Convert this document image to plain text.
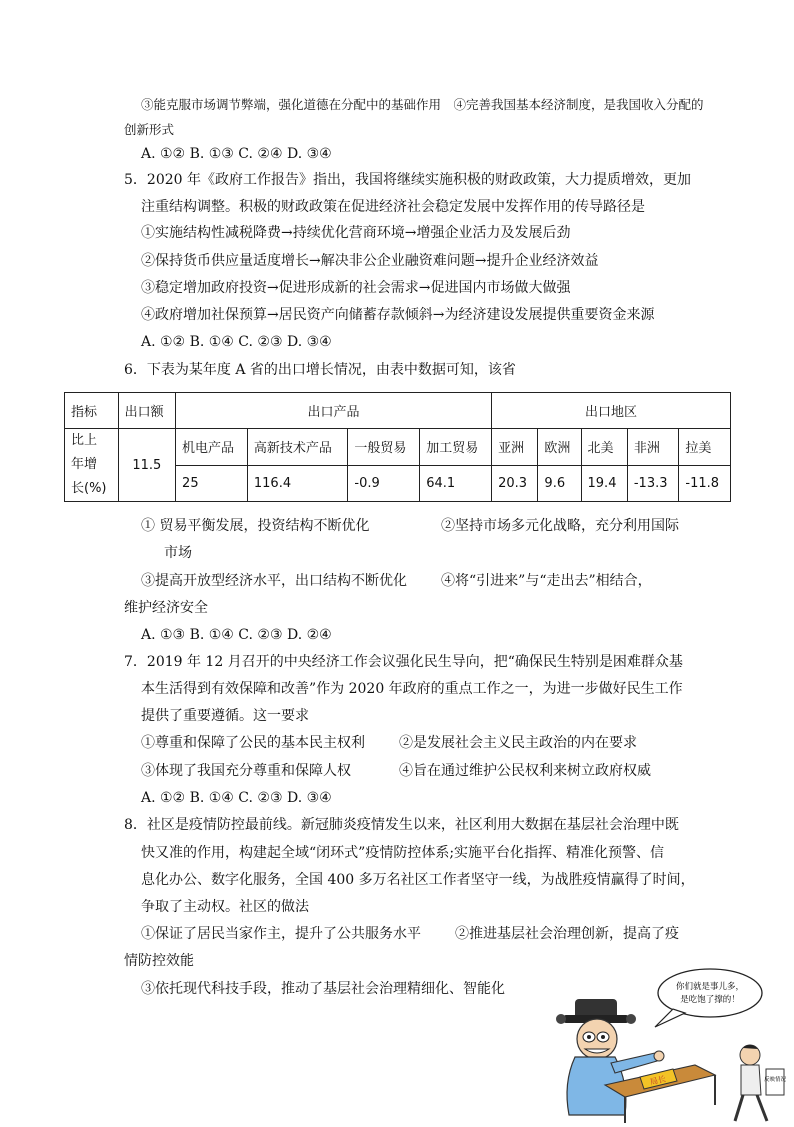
③能克服市场调节弊端，强化道德在分配中的基础作用　④完善我国基本经济制度，是我国收入分配的
创新形式
A. ①② B. ①③ C. ②④ D. ③④
5．2020 年《政府工作报告》指出，我国将继续实施积极的财政政策，大力提质增效，更加
注重结构调整。积极的财政政策在促进经济社会稳定发展中发挥作用的传导路径是
①实施结构性减税降费→持续优化营商环境→增强企业活力及发展后劲
②保持货币供应量适度增长→解决非公企业融资难问题→提升企业经济效益
③稳定增加政府投资→促进形成新的社会需求→促进国内市场做大做强
④政府增加社保预算→居民资产向储蓄存款倾斜→为经济建设发展提供重要资金来源
A. ①② B. ①④ C. ②③ D. ③④
6．下表为某年度 A 省的出口增长情况，由表中数据可知，该省
指标	出口额	出口产品				出口地区				

比上
年增
长(%)	11.5	机电产品	高新技术产品	一般贸易	加工贸易	亚洲	欧洲	北美	非洲	拉美
		25	116.4	-0.9	64.1	20.3	9.6	19.4	-13.3	-11.8
① 贸易平衡发展，投资结构不断优化	②坚持市场多元化战略，充分利用国际
市场
③提高开放型经济水平，出口结构不断优化 ④将“引进来”与“走出去”相结合，
维护经济安全
A. ①③ B. ①④ C. ②③ D. ②④
7．2019 年 12 月召开的中央经济工作会议强化民生导向，把“确保民生特别是困难群众基
本生活得到有效保障和改善”作为 2020 年政府的重点工作之一，为进一步做好民生工作
提供了重要遵循。这一要求
①尊重和保障了公民的基本民主权利 ②是发展社会主义民主政治的内在要求
③体现了我国充分尊重和保障人权	④旨在通过维护公民权利来树立政府权威
A. ①② B. ①④ C. ②③ D. ③④
8．社区是疫情防控最前线。新冠肺炎疫情发生以来，社区利用大数据在基层社会治理中既
快又准的作用，构建起全域“闭环式”疫情防控体系;实施平台化指挥、精准化预警、信
息化办公、数字化服务，全国 400 多万名社区工作者坚守一线，为战胜疫情赢得了时间，
争取了主动权。社区的做法
①保证了居民当家作主，提升了公共服务水平 ②推进基层社会治理创新，提高了疫
情防控效能
③依托现代科技手段，推动了基层社会治理精细化、智能化	你们就是事儿多，
是吃饱了撑的！
局长	反映情况
